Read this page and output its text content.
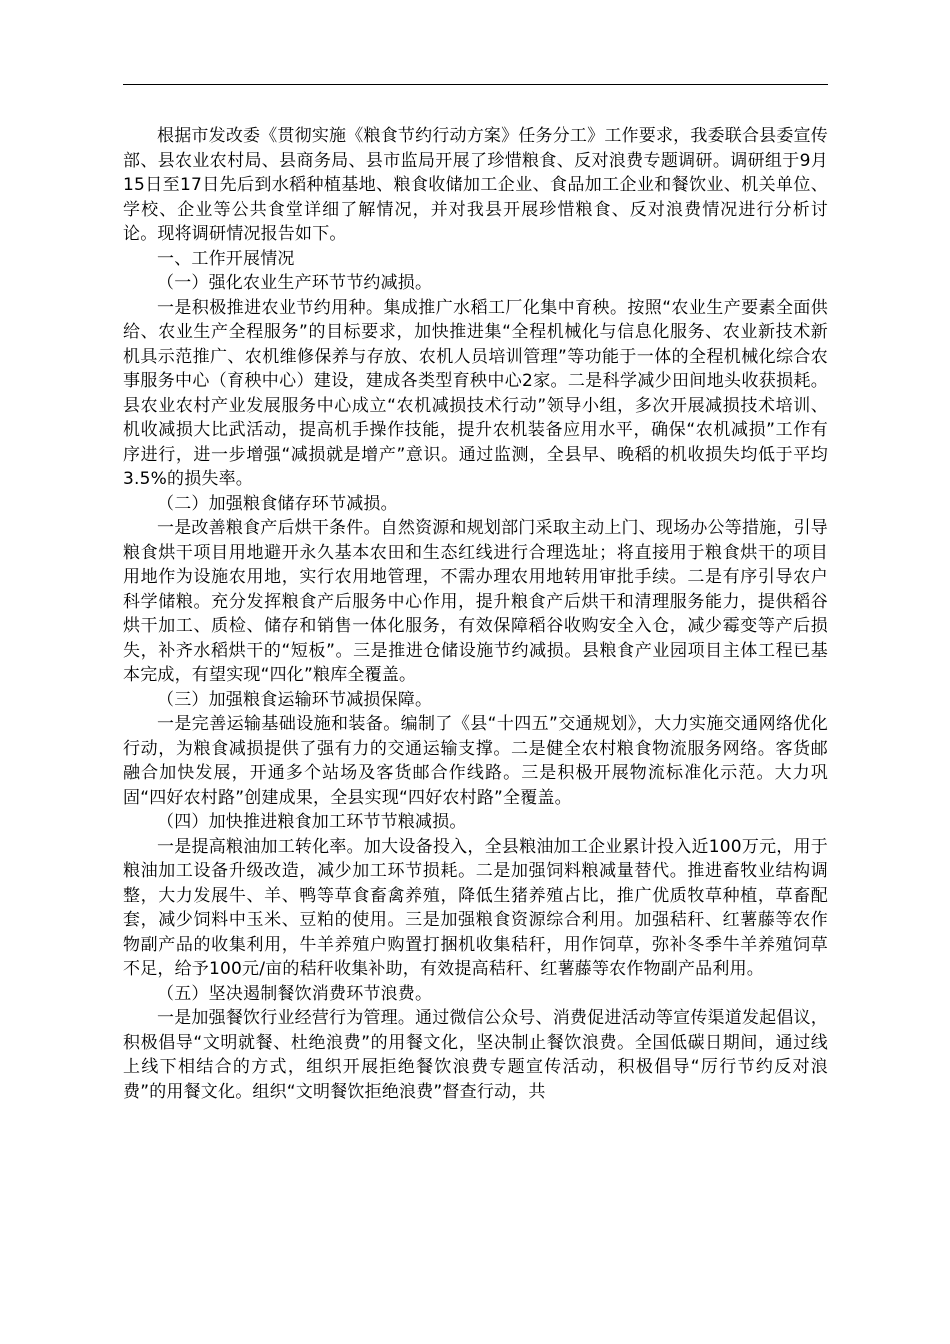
根据市发改委《贯彻实施《粮食节约行动方案》任务分工》工作要求，我委联合县委宣传部、县农业农村局、县商务局、县市监局开展了珍惜粮食、反对浪费专题调研。调研组于9月15日至17日先后到水稻种植基地、粮食收储加工企业、食品加工企业和餐饮业、机关单位、学校、企业等公共食堂详细了解情况，并对我县开展珍惜粮食、反对浪费情况进行分析讨论。现将调研情况报告如下。

一、工作开展情况

（一）强化农业生产环节节约减损。

一是积极推进农业节约用种。集成推广水稻工厂化集中育秧。按照“农业生产要素全面供给、农业生产全程服务”的目标要求，加快推进集“全程机械化与信息化服务、农业新技术新机具示范推广、农机维修保养与存放、农机人员培训管理”等功能于一体的全程机械化综合农事服务中心（育秧中心）建设，建成各类型育秧中心2家。二是科学减少田间地头收获损耗。县农业农村产业发展服务中心成立“农机减损技术行动”领导小组，多次开展减损技术培训、机收减损大比武活动，提高机手操作技能，提升农机装备应用水平，确保“农机减损”工作有序进行，进一步增强“减损就是增产”意识。通过监测，全县早、晚稻的机收损失均低于平均3.5%的损失率。

（二）加强粮食储存环节减损。

一是改善粮食产后烘干条件。自然资源和规划部门采取主动上门、现场办公等措施，引导粮食烘干项目用地避开永久基本农田和生态红线进行合理选址；将直接用于粮食烘干的项目用地作为设施农用地，实行农用地管理，不需办理农用地转用审批手续。二是有序引导农户科学储粮。充分发挥粮食产后服务中心作用，提升粮食产后烘干和清理服务能力，提供稻谷烘干加工、质检、储存和销售一体化服务，有效保障稻谷收购安全入仓，减少霉变等产后损失，补齐水稻烘干的“短板”。三是推进仓储设施节约减损。县粮食产业园项目主体工程已基本完成，有望实现“四化”粮库全覆盖。

（三）加强粮食运输环节减损保障。

一是完善运输基础设施和装备。编制了《县“十四五”交通规划》，大力实施交通网络优化行动，为粮食减损提供了强有力的交通运输支撑。二是健全农村粮食物流服务网络。客货邮融合加快发展，开通多个站场及客货邮合作线路。三是积极开展物流标准化示范。大力巩固“四好农村路”创建成果，全县实现“四好农村路”全覆盖。

（四）加快推进粮食加工环节节粮减损。

一是提高粮油加工转化率。加大设备投入，全县粮油加工企业累计投入近100万元，用于粮油加工设备升级改造，减少加工环节损耗。二是加强饲料粮减量替代。推进畜牧业结构调整，大力发展牛、羊、鸭等草食畜禽养殖，降低生猪养殖占比，推广优质牧草种植，草畜配套，减少饲料中玉米、豆粕的使用。三是加强粮食资源综合利用。加强秸秆、红薯藤等农作物副产品的收集利用，牛羊养殖户购置打捆机收集秸秆，用作饲草，弥补冬季牛羊养殖饲草不足，给予100元/亩的秸秆收集补助，有效提高秸秆、红薯藤等农作物副产品利用。

（五）坚决遏制餐饮消费环节浪费。

一是加强餐饮行业经营行为管理。通过微信公众号、消费促进活动等宣传渠道发起倡议，积极倡导“文明就餐、杜绝浪费”的用餐文化，坚决制止餐饮浪费。全国低碳日期间，通过线上线下相结合的方式，组织开展拒绝餐饮浪费专题宣传活动，积极倡导“厉行节约反对浪费”的用餐文化。组织“文明餐饮拒绝浪费”督查行动，共
